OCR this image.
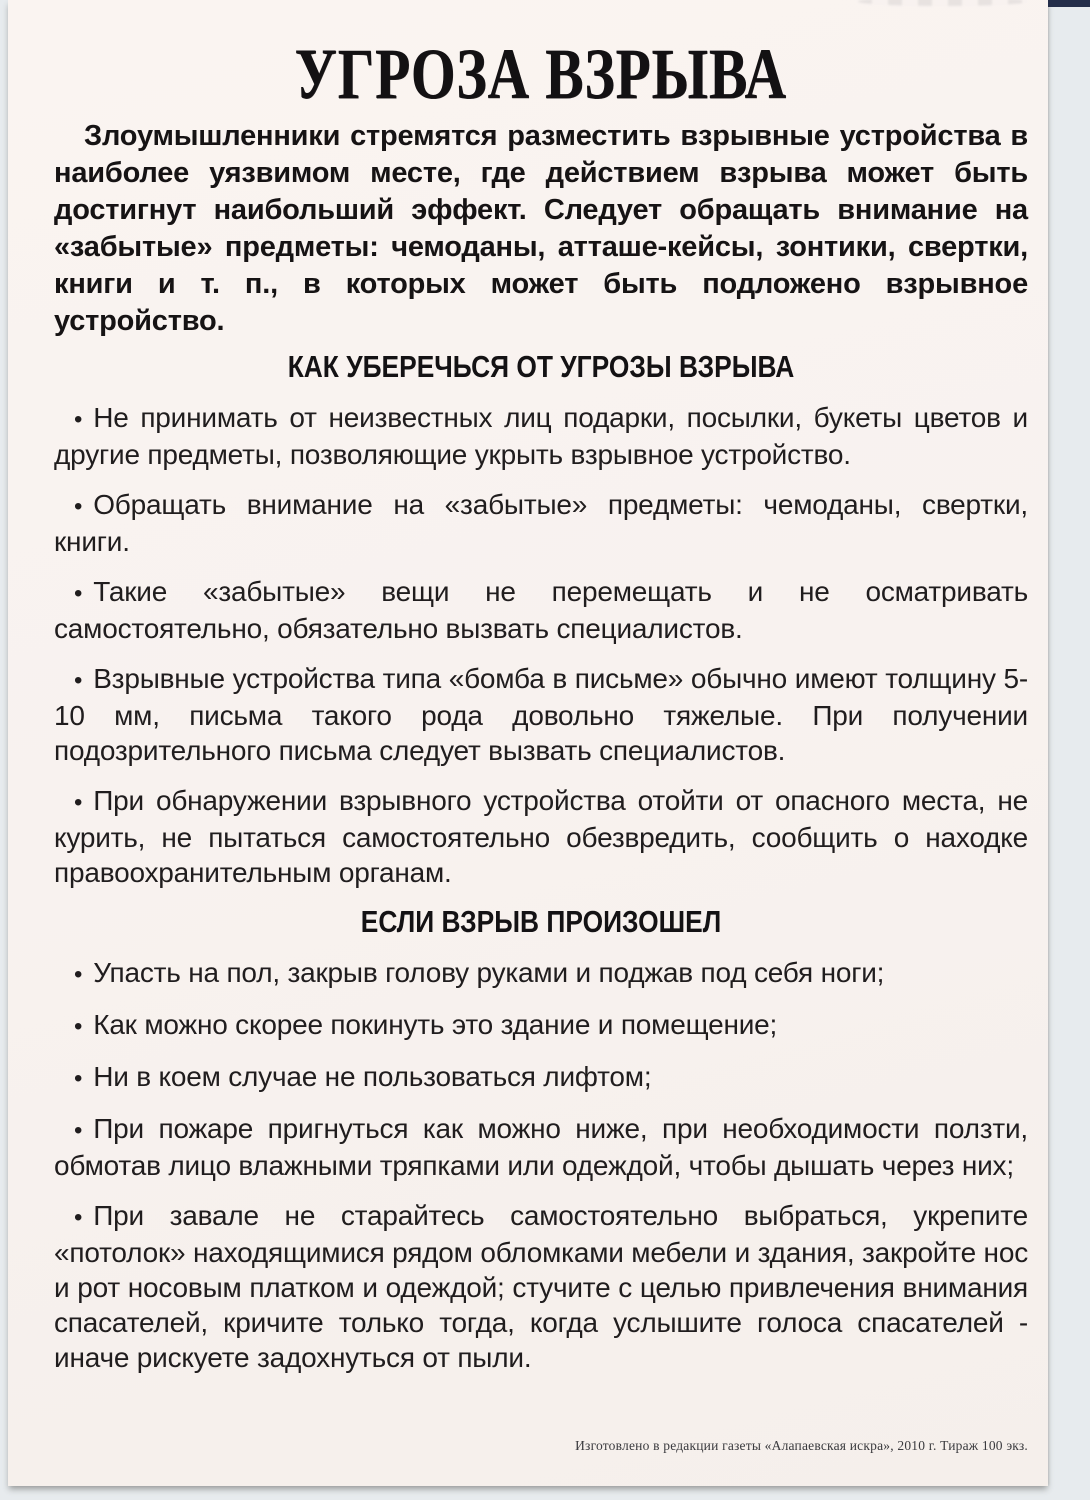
УГРОЗА ВЗРЫВА

Злоумышленники стремятся разместить взрывные устройства в наиболее уязвимом месте, где действием взрыва может быть достигнут наибольший эффект. Следует обращать внимание на «забытые» предметы: чемоданы, атташе-кейсы, зонтики, свертки, книги и т. п., в которых может быть подложено взрывное устройство.

КАК УБЕРЕЧЬСЯ ОТ УГРОЗЫ ВЗРЫВА

• Не принимать от неизвестных лиц подарки, посылки, букеты цветов и другие предметы, позволяющие укрыть взрывное устройство.

• Обращать внимание на «забытые» предметы: чемоданы, свертки, книги.

• Такие «забытые» вещи не перемещать и не осматривать самостоятельно, обязательно вызвать специалистов.

• Взрывные устройства типа «бомба в письме» обычно имеют толщину 5-10 мм, письма такого рода довольно тяжелые. При получении подозрительного письма следует вызвать специалистов.

• При обнаружении взрывного устройства отойти от опасного места, не курить, не пытаться самостоятельно обезвредить, сообщить о находке правоохранительным органам.

ЕСЛИ ВЗРЫВ ПРОИЗОШЕЛ

• Упасть на пол, закрыв голову руками и поджав под себя ноги;

• Как можно скорее покинуть это здание и помещение;

• Ни в коем случае не пользоваться лифтом;

• При пожаре пригнуться как можно ниже, при необходимости ползти, обмотав лицо влажными тряпками или одеждой, чтобы дышать через них;

• При завале не старайтесь самостоятельно выбраться, укрепите «потолок» находящимися рядом обломками мебели и здания, закройте нос и рот носовым платком и одеждой; стучите с целью привлечения внимания спасателей, кричите только тогда, когда услышите голоса спасателей - иначе рискуете задохнуться от пыли.

Изготовлено в редакции газеты «Алапаевская искра», 2010 г. Тираж 100 экз.
